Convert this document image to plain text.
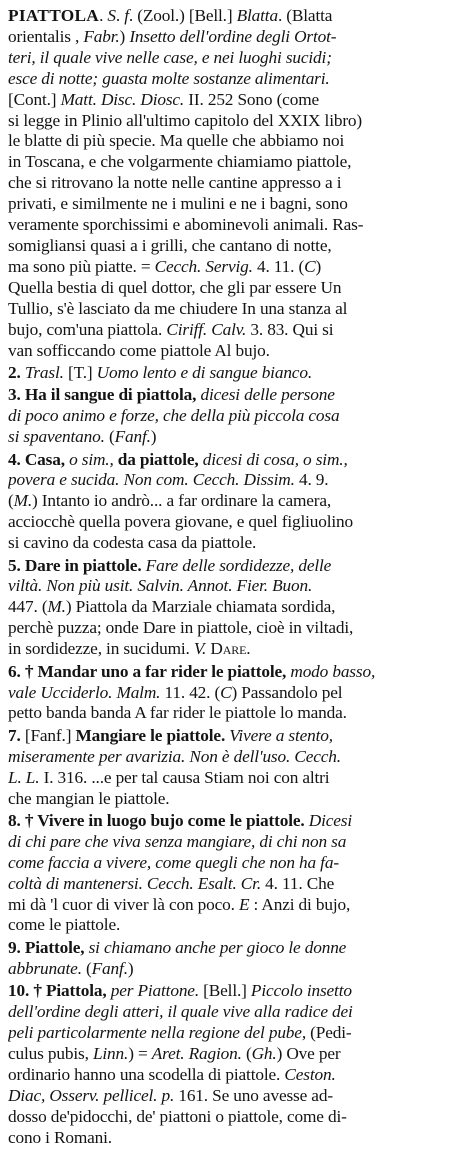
PIATTOLA. S. f. (Zool.) [Bell.] Blatta. (Blatta
orientalis , Fabr.) Insetto dell'ordine degli Ortot-
teri, il quale vive nelle case, e nei luoghi sucidi;
esce di notte; guasta molte sostanze alimentari.
[Cont.] Matt. Disc. Diosc. II. 252 Sono (come
si legge in Plinio all'ultimo capitolo del XXIX libro)
le blatte di più specie. Ma quelle che abbiamo noi
in Toscana, e che volgarmente chiamiamo piattole,
che si ritrovano la notte nelle cantine appresso a i
privati, e similmente ne i mulini e ne i bagni, sono
veramente sporchissimi e abominevoli animali. Ras-
somigliansi quasi a i grilli, che cantano di notte,
ma sono più piatte. = Cecch. Servig. 4. 11. (C)
Quella bestia di quel dottor, che gli par essere Un
Tullio, s'è lasciato da me chiudere In una stanza al
bujo, com'una piattola. Ciriff. Calv. 3. 83. Qui si
van sofficcando come piattole Al bujo.
2. Trasl. [T.] Uomo lento e di sangue bianco.
3. Ha il sangue di piattola, dicesi delle persone
di poco animo e forze, che della più piccola cosa
si spaventano. (Fanf.)
4. Casa, o sim., da piattole, dicesi di cosa, o sim.,
povera e sucida. Non com. Cecch. Dissim. 4. 9.
(M.) Intanto io andrò... a far ordinare la camera,
acciocchè quella povera giovane, e quel figliuolino
si cavino da codesta casa da piattole.
5. Dare in piattole. Fare delle sordidezze, delle
viltà. Non più usit. Salvin. Annot. Fier. Buon.
447. (M.) Piattola da Marziale chiamata sordida,
perchè puzza; onde Dare in piattole, cioè in viltadi,
in sordidezze, in sucidumi. V. Dare.
6. † Mandar uno a far rider le piattole, modo basso,
vale Ucciderlo. Malm. 11. 42. (C) Passandolo pel
petto banda banda A far rider le piattole lo manda.
7. [Fanf.] Mangiare le piattole. Vivere a stento,
miseramente per avarizia. Non è dell'uso. Cecch.
L. L. I. 316. ...e per tal causa Stiam noi con altri
che mangian le piattole.
8. † Vivere in luogo bujo come le piattole. Dicesi
di chi pare che viva senza mangiare, di chi non sa
come faccia a vivere, come quegli che non ha fa-
coltà di mantenersi. Cecch. Esalt. Cr. 4. 11. Che
mi dà 'l cuor di viver là con poco. E : Anzi di bujo,
come le piattole.
9. Piattole, si chiamano anche per gioco le donne
abbrunate. (Fanf.)
10. † Piattola, per Piattone. [Bell.] Piccolo insetto
dell'ordine degli atteri, il quale vive alla radice dei
peli particolarmente nella regione del pube, (Pedi-
culus pubis, Linn.) = Aret. Ragion. (Gh.) Ove per
ordinario hanno una scodella di piattole. Ceston.
Diac, Osserv. pellicel. p. 161. Se uno avesse ad-
dosso de'pidocchi, de' piattoni o piattole, come di-
cono i Romani.
